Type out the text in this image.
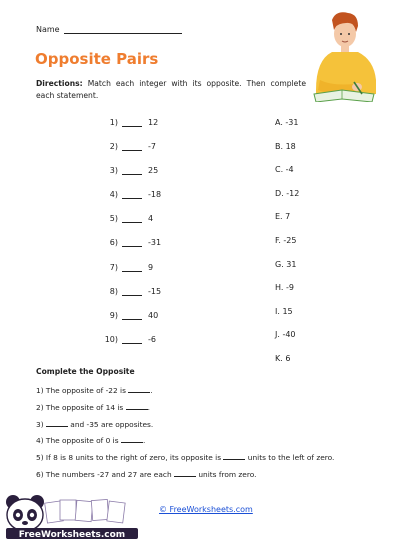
Name
Opposite Pairs
Directions: Match each integer with its opposite. Then complete each statement.
1)	12
2)	-7
3)	25
4)	-18
5)	4
6)	-31
7)	9
8)	-15
9)	40
10)	-6
A. -31
B. 18
C. -4
D. -12
E. 7
F. -25
G. 31
H. -9
I. 15
J. -40
K. 6
Complete the Opposite
1) The opposite of -22 is	.
2) The opposite of 14 is	.
3)	and -35 are opposites.
4) The opposite of 0 is	.
5) If 8 is 8 units to the right of zero, its opposite is	units to the left of zero.
6) The numbers -27 and 27 are each	units from zero.
FreeWorksheets.com
© FreeWorksheets.com
